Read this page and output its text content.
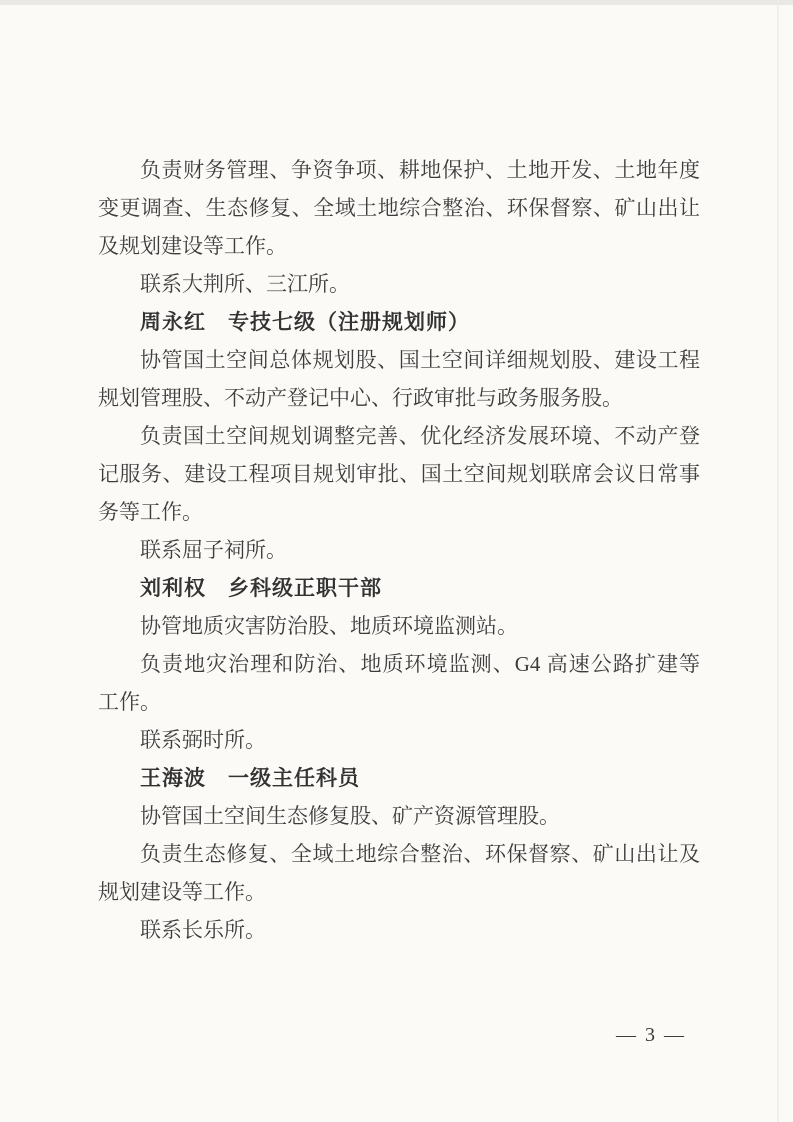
负责财务管理、争资争项、耕地保护、土地开发、土地年度
变更调查、生态修复、全域土地综合整治、环保督察、矿山出让
及规划建设等工作。
联系大荆所、三江所。
周永红 专技七级（注册规划师）
协管国土空间总体规划股、国土空间详细规划股、建设工程
规划管理股、不动产登记中心、行政审批与政务服务股。
负责国土空间规划调整完善、优化经济发展环境、不动产登
记服务、建设工程项目规划审批、国土空间规划联席会议日常事
务等工作。
联系屈子祠所。
刘利权 乡科级正职干部
协管地质灾害防治股、地质环境监测站。
负责地灾治理和防治、地质环境监测、G4 高速公路扩建等
工作。
联系弼时所。
王海波 一级主任科员
协管国土空间生态修复股、矿产资源管理股。
负责生态修复、全域土地综合整治、环保督察、矿山出让及
规划建设等工作。
联系长乐所。
— 3 —
